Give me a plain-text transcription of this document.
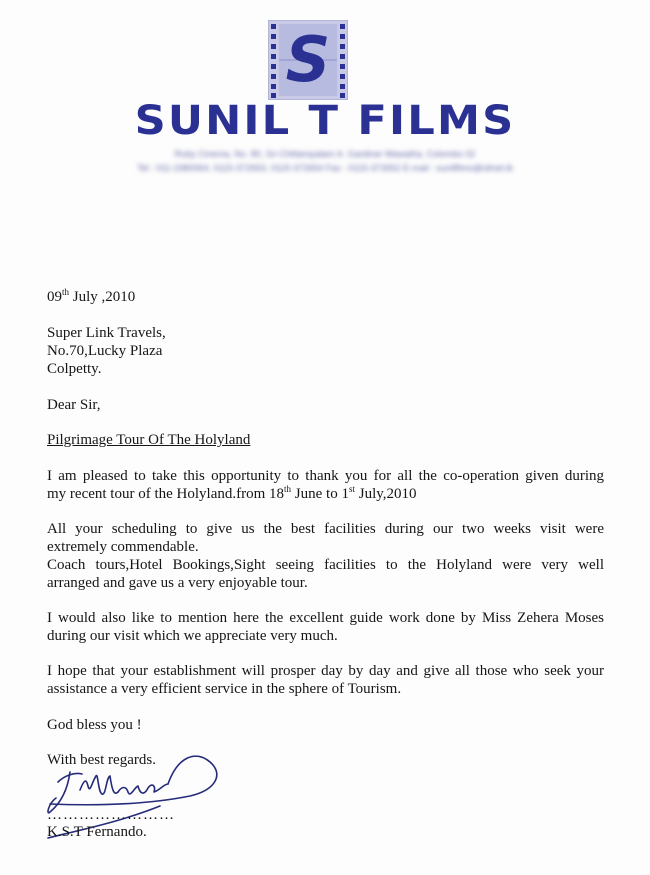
S
SUNIL T FILMS
Ruby Cinema, No. 80, Sri Chittampalam A. Gardiner Mawatha, Colombo 02
Tel : 011-2380064, 0115-372653, 0115-372654 Fax : 0115-372652 E-mail : sunilfilms@sltnet.lk
09th July ,2010
Super Link Travels,
No.70,Lucky Plaza
Colpetty.
Dear Sir,
Pilgrimage Tour Of The Holyland
I am pleased to take this opportunity to thank you for all the co-operation given during
my recent tour of the Holyland.from 18th June to 1st July,2010
All your scheduling to give us the best facilities during our two weeks visit were
extremely commendable.
Coach tours,Hotel Bookings,Sight seeing facilities to the Holyland were very well
arranged and gave us a very enjoyable tour.
I would also like to mention here the excellent guide work done by Miss Zehera Moses
during our visit which we appreciate very much.
I hope that your establishment will prosper day by day and give all those who seek your
assistance a very efficient service in the sphere of Tourism.
God bless you !
With best regards.
……………………
K.S.T Fernando.
